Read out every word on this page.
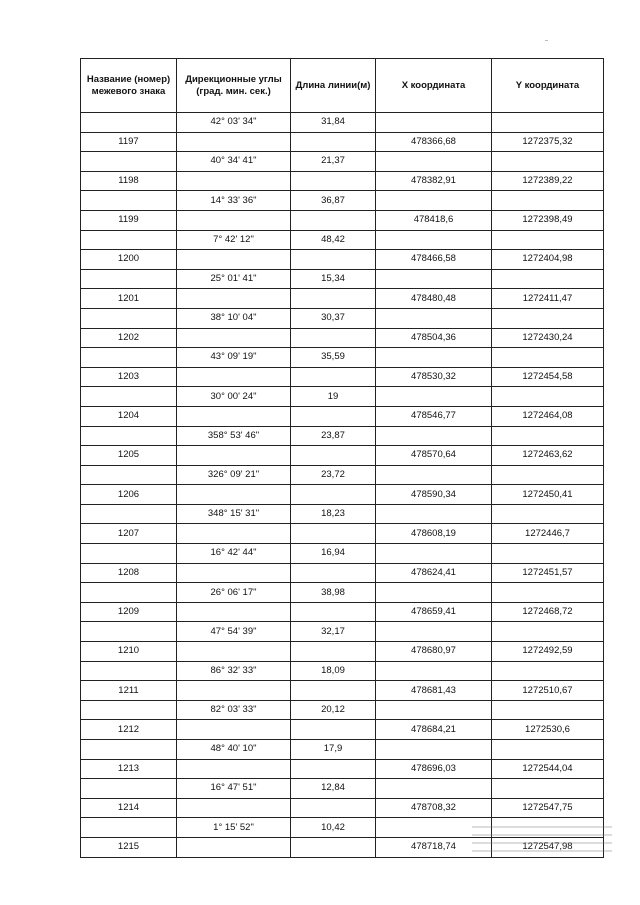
Название (номер) межевого знака	Дирекционные углы (град. мин. сек.)	Длина линии(м)	X координата	Y координата
	42° 03' 34"	31,84		
1197			478366,68	1272375,32
	40° 34' 41"	21,37		
1198			478382,91	1272389,22
	14° 33' 36"	36,87		
1199			478418,6	1272398,49
	7° 42' 12"	48,42		
1200			478466,58	1272404,98
	25° 01' 41"	15,34		
1201			478480,48	1272411,47
	38° 10' 04"	30,37		
1202			478504,36	1272430,24
	43° 09' 19"	35,59		
1203			478530,32	1272454,58
	30° 00' 24"	19		
1204			478546,77	1272464,08
	358° 53' 46"	23,87		
1205			478570,64	1272463,62
	326° 09' 21"	23,72		
1206			478590,34	1272450,41
	348° 15' 31"	18,23		
1207			478608,19	1272446,7
	16° 42' 44"	16,94		
1208			478624,41	1272451,57
	26° 06' 17"	38,98		
1209			478659,41	1272468,72
	47° 54' 39"	32,17		
1210			478680,97	1272492,59
	86° 32' 33"	18,09		
1211			478681,43	1272510,67
	82° 03' 33"	20,12		
1212			478684,21	1272530,6
	48° 40' 10"	17,9		
1213			478696,03	1272544,04
	16° 47' 51"	12,84		
1214			478708,32	1272547,75
	1° 15' 52"	10,42		
1215			478718,74	1272547,98
